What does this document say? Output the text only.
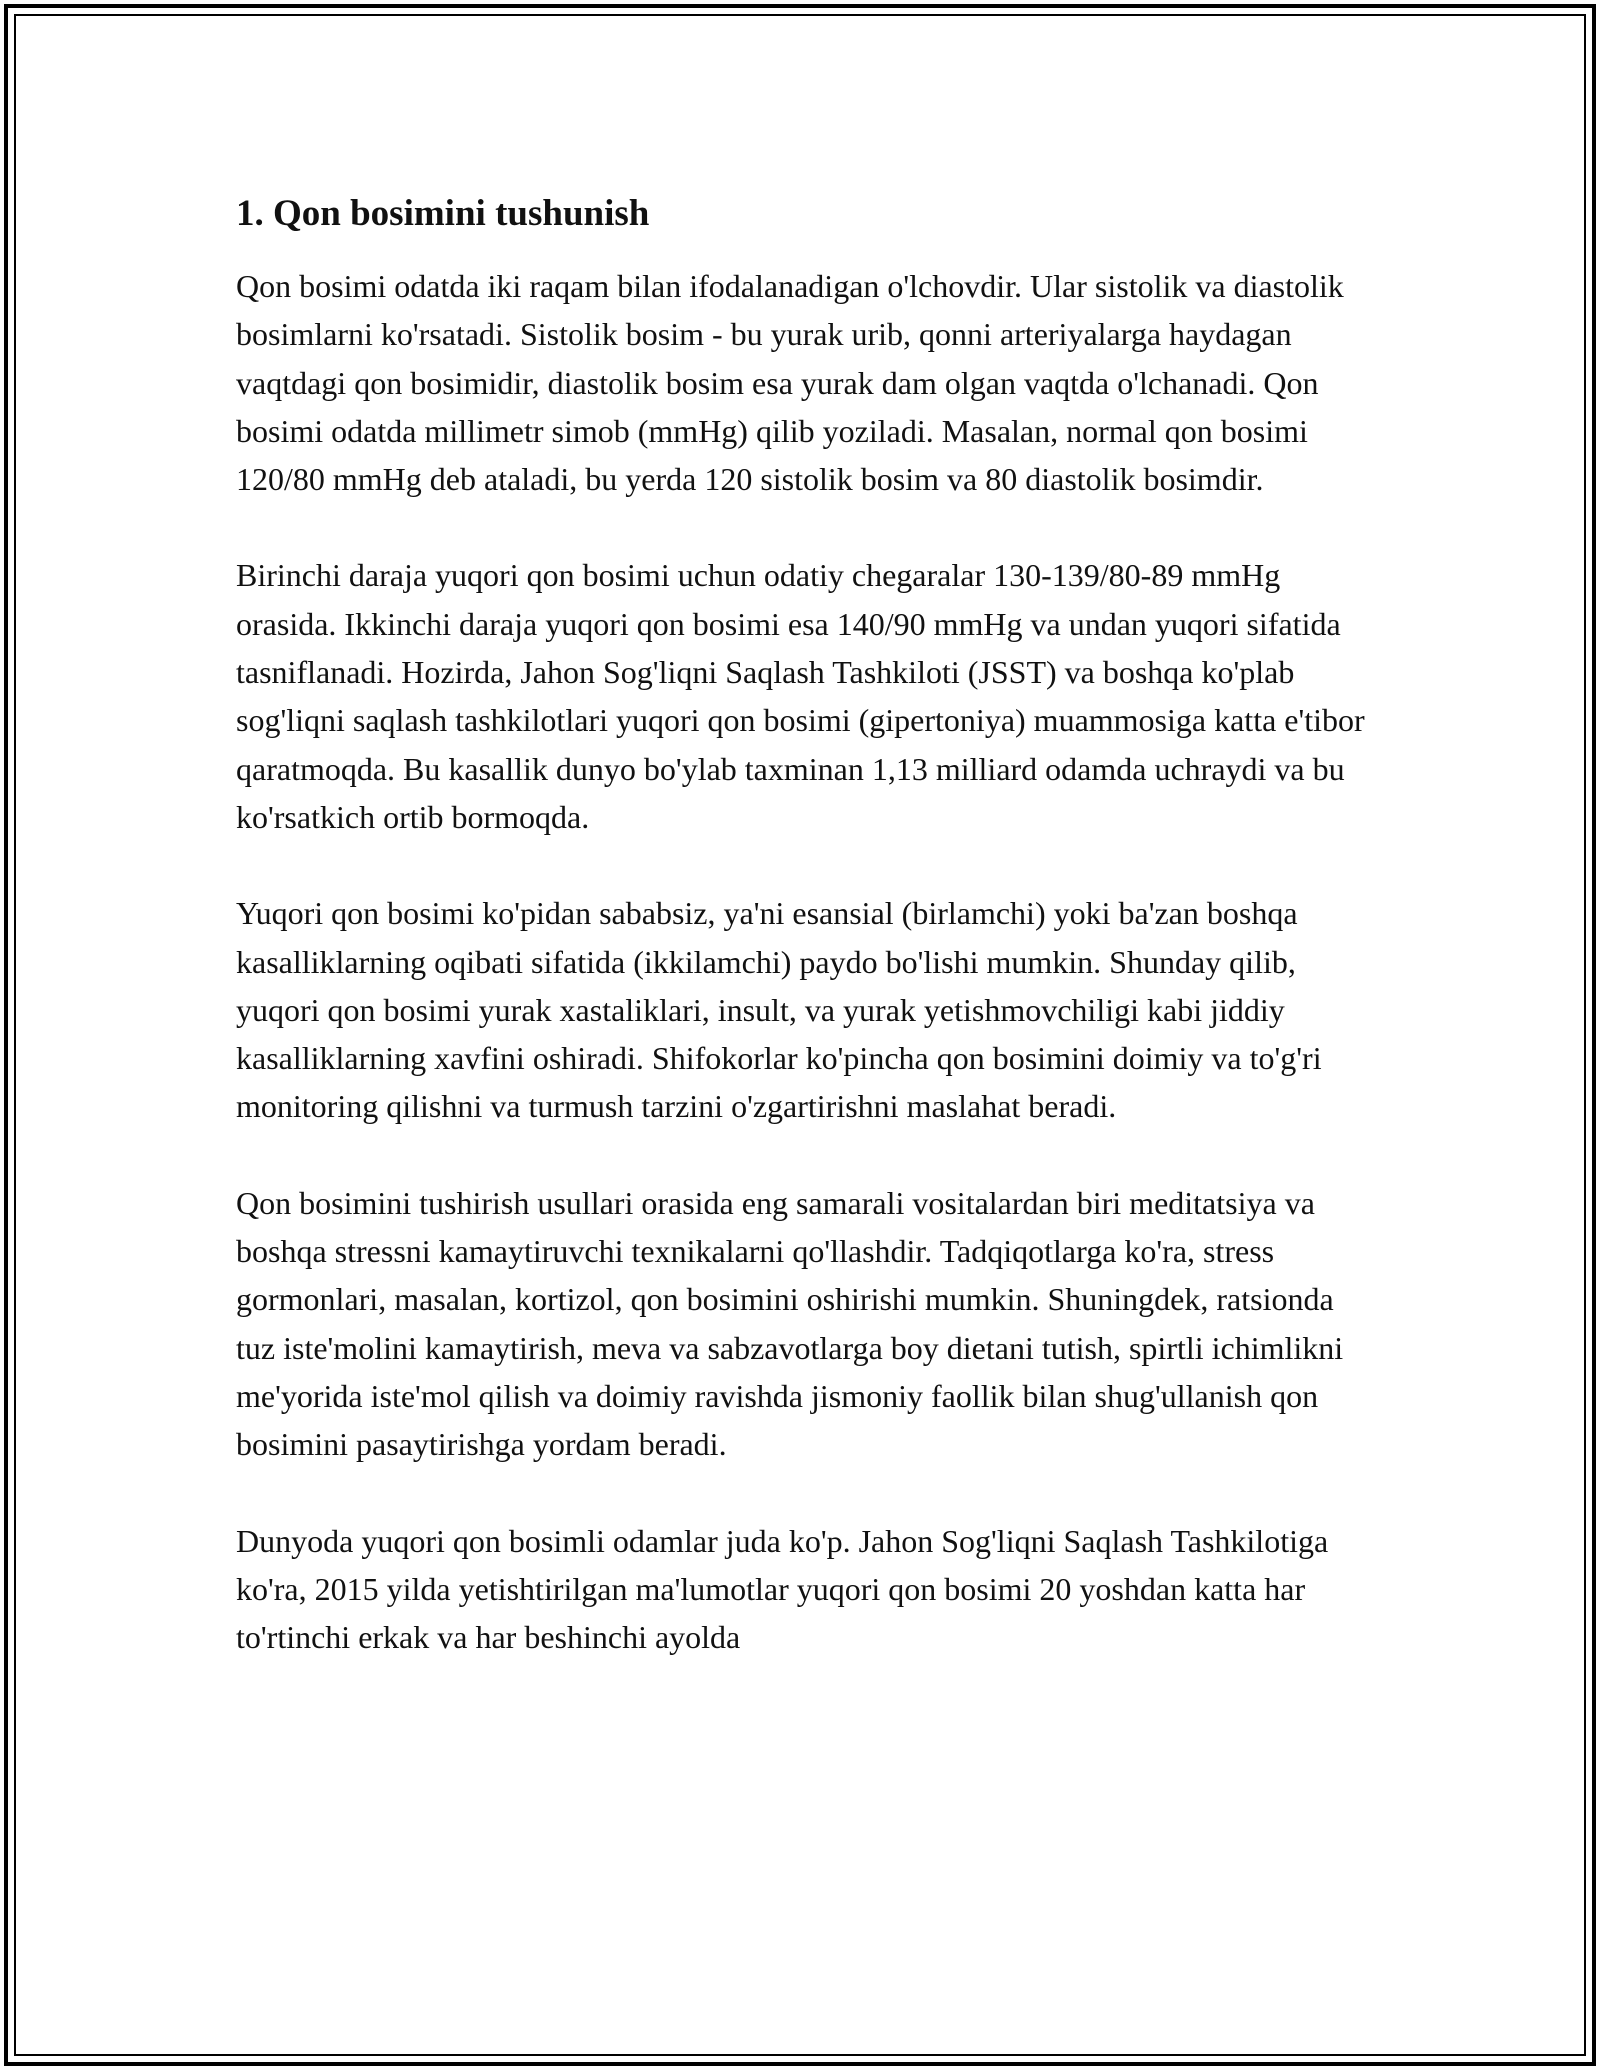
1. Qon bosimini tushunish

Qon bosimi odatda iki raqam bilan ifodalanadigan o'lchovdir. Ular sistolik va diastolik bosimlarni ko'rsatadi. Sistolik bosim - bu yurak urib, qonni arteriyalarga haydagan vaqtdagi qon bosimidir, diastolik bosim esa yurak dam olgan vaqtda o'lchanadi. Qon bosimi odatda millimetr simob (mmHg) qilib yoziladi. Masalan, normal qon bosimi 120/80 mmHg deb ataladi, bu yerda 120 sistolik bosim va 80 diastolik bosimdir.

Birinchi daraja yuqori qon bosimi uchun odatiy chegaralar 130-139/80-89 mmHg orasida. Ikkinchi daraja yuqori qon bosimi esa 140/90 mmHg va undan yuqori sifatida tasniflanadi. Hozirda, Jahon Sog'liqni Saqlash Tashkiloti (JSST) va boshqa ko'plab sog'liqni saqlash tashkilotlari yuqori qon bosimi (gipertoniya) muammosiga katta e'tibor qaratmoqda. Bu kasallik dunyo bo'ylab taxminan 1,13 milliard odamda uchraydi va bu ko'rsatkich ortib bormoqda.

Yuqori qon bosimi ko'pidan sababsiz, ya'ni esansial (birlamchi) yoki ba'zan boshqa kasalliklarning oqibati sifatida (ikkilamchi) paydo bo'lishi mumkin. Shunday qilib, yuqori qon bosimi yurak xastaliklari, insult, va yurak yetishmovchiligi kabi jiddiy kasalliklarning xavfini oshiradi. Shifokorlar ko'pincha qon bosimini doimiy va to'g'ri monitoring qilishni va turmush tarzini o'zgartirishni maslahat beradi.

Qon bosimini tushirish usullari orasida eng samarali vositalardan biri meditatsiya va boshqa stressni kamaytiruvchi texnikalarni qo'llashdir. Tadqiqotlarga ko'ra, stress gormonlari, masalan, kortizol, qon bosimini oshirishi mumkin. Shuningdek, ratsionda tuz iste'molini kamaytirish, meva va sabzavotlarga boy dietani tutish, spirtli ichimlikni me'yorida iste'mol qilish va doimiy ravishda jismoniy faollik bilan shug'ullanish qon bosimini pasaytirishga yordam beradi.

Dunyoda yuqori qon bosimli odamlar juda ko'p. Jahon Sog'liqni Saqlash Tashkilotiga ko'ra, 2015 yilda yetishtirilgan ma'lumotlar yuqori qon bosimi 20 yoshdan katta har to'rtinchi erkak va har beshinchi ayolda
